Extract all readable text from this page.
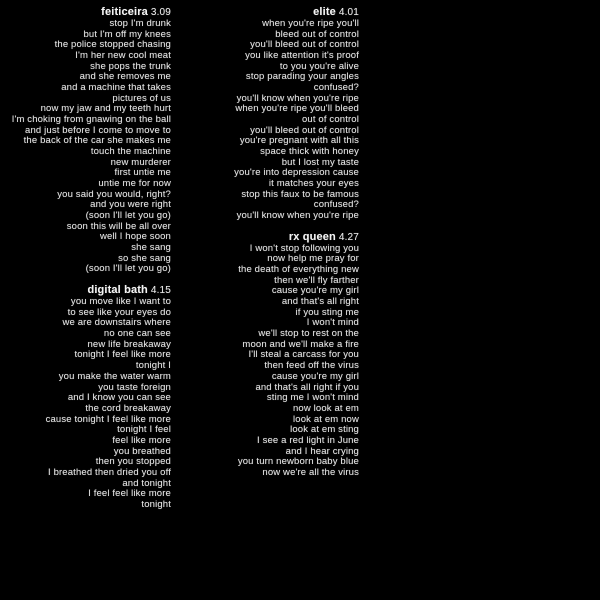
feiticeira 3.09
stop I'm drunk
but I'm off my knees
the police stopped chasing
I'm her new cool meat
she pops the trunk
and she removes me
and a machine that takes
pictures of us
now my jaw and my teeth hurt
I'm choking from gnawing on the ball
and just before I come to move to
the back of the car she makes me
touch the machine
new murderer
first untie me
untie me for now
you said you would, right?
and you were right
(soon I'll let you go)
soon this will be all over
well I hope soon
she sang
so she sang
(soon I'll let you go)
digital bath 4.15
you move like I want to
to see like your eyes do
we are downstairs where
no one can see
new life breakaway
tonight I feel like more
tonight I
you make the water warm
you taste foreign
and I know you can see
the cord breakaway
cause tonight I feel like more
tonight I feel
feel like more
you breathed
then you stopped
I breathed then dried you off
and tonight
I feel feel like more
tonight
elite 4.01
when you're ripe you'll
bleed out of control
you'll bleed out of control
you like attention it's proof
to you you're alive
stop parading your angles
confused?
you'll know when you're ripe
when you're ripe you'll bleed
out of control
you'll bleed out of control
you're pregnant with all this
space thick with honey
but I lost my taste
you're into depression cause
it matches your eyes
stop this faux to be famous
confused?
you'll know when you're ripe
rx queen 4.27
I won't stop following you
now help me pray for
the death of everything new
then we'll fly farther
cause you're my girl
and that's all right
if you sting me
I won't mind
we'll stop to rest on the
moon and we'll make a fire
I'll steal a carcass for you
then feed off the virus
cause you're my girl
and that's all right if you
sting me I won't mind
now look at em
look at em now
look at em sting
I see a red light in June
and I hear crying
you turn newborn baby blue
now we're all the virus
